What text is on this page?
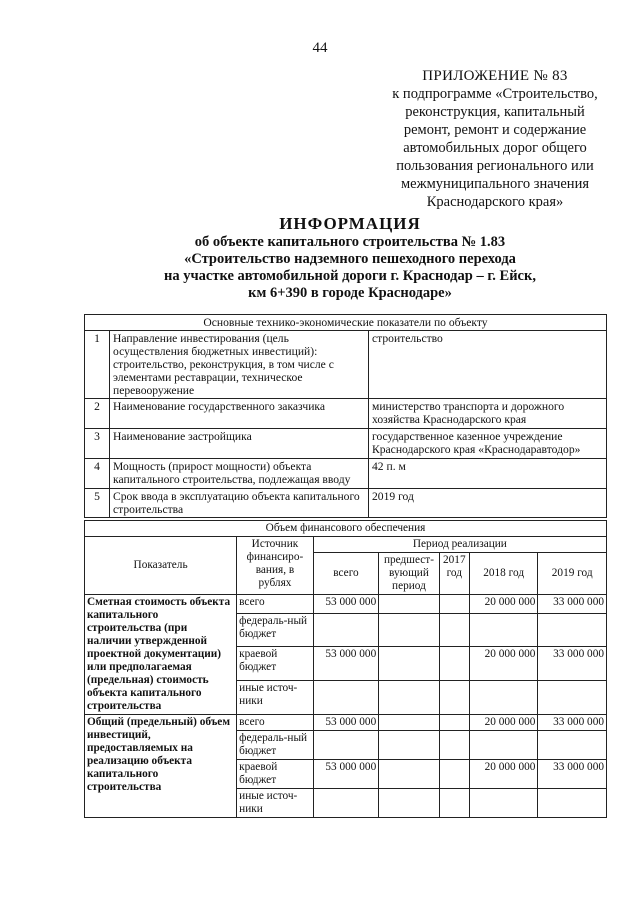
44
ПРИЛОЖЕНИЕ № 83
к подпрограмме «Строительство,
реконструкция, капитальный
ремонт, ремонт и содержание
автомобильных дорог общего
пользования регионального или
межмуниципального значения
Краснодарского края»
ИНФОРМАЦИЯ
об объекте капитального строительства № 1.83
«Строительство надземного пешеходного перехода
на участке автомобильной дороги г. Краснодар – г. Ейск,
км 6+390 в городе Краснодаре»
Основные технико-экономические показатели по объекту		
1	Направление инвестирования (цель осуществления бюджетных инвестиций): строительство, реконструкция, в том числе с элементами реставрации, техническое перевооружение	строительство
2	Наименование государственного заказчика	министерство транспорта и дорожного хозяйства Краснодарского края
3	Наименование застройщика	государственное казенное учреждение Краснодарского края «Краснодаравтодор»
4	Мощность (прирост мощности) объекта капитального строительства, подлежащая вводу	42 п. м
5	Срок ввода в эксплуатацию объекта капитального строительства	2019 год
Объем финансового обеспечения						
Показатель	Источник финансиро-вания, в рублях	Период реализации				
		всего	предшест-вующий период	2017 год	2018 год	2019 год
Сметная стоимость объекта капитального строительства (при наличии утвержденной проектной документации) или предполагаемая (предельная) стоимость объекта капитального строительства	всего	53 000 000			20 000 000	33 000 000
	федераль-ный бюджет					
	краевой бюджет	53 000 000			20 000 000	33 000 000
	иные источ-ники					
Общий (предельный) объем инвестиций, предоставляемых на реализацию объекта капитального строительства	всего	53 000 000			20 000 000	33 000 000
	федераль-ный бюджет					
	краевой бюджет	53 000 000			20 000 000	33 000 000
	иные источ-ники					
